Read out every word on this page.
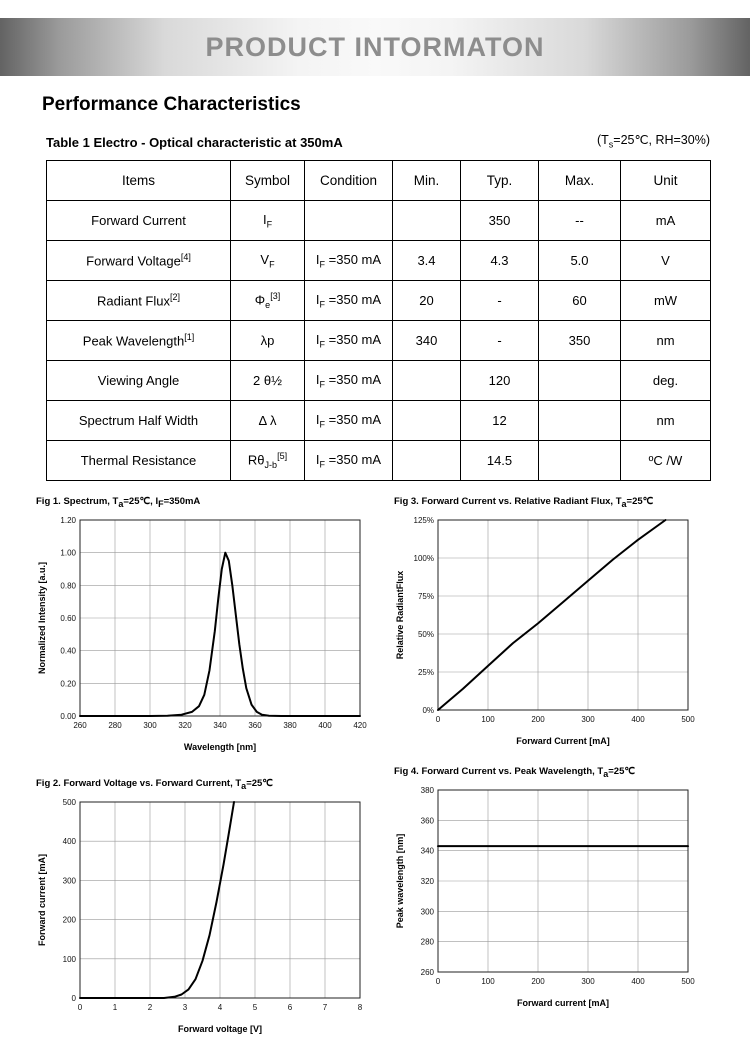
PRODUCT INTORMATON
Performance Characteristics
Table 1 Electro - Optical characteristic at 350mA	($T_s=25℃$, RH=30%)
Items	Symbol	Condition	Min.	Typ.	Max.	Unit
Forward Current	$I_F$			350	--	mA
Forward Voltage[4]	$V_F$	$I_F =350$ mA	3.4	4.3	5.0	V
Radiant Flux[2]	$\Phi_e[3]$	$I_F =350$ mA	20	-	60	mW
Peak Wavelength[1]	λp	$I_F =350$ mA	340	-	350	nm
Viewing Angle	2 θ½	$I_F =350$ mA		120		deg.
Spectrum Half Width	Δ λ	$I_F =350$ mA		12		nm
Thermal Resistance	$R\theta_{J-b}[5]$	$I_F =350$ mA		14.5		ºC /W
Fig 1. Spectrum, $T_a=25℃$, $I_F=350mA$
260	280	300	320	340	360	380	400	420
0.00
0.20
0.40
0.60
0.80
1.00
1.20
Wavelength [nm]
Normalized Intensity [a.u.]
Fig 3. Forward Current vs. Relative Radiant Flux, $T_a=25℃$
0	100	200	300	400	500
0%
25%
50%
75%
100%
125%
Forward Current [mA]
Relative RadiantFlux
Fig 2. Forward Voltage vs. Forward Current, $T_a=25℃$
0	1	2	3	4	5	6	7	8
0
100
200
300
400
500
Forward voltage [V]
Forward current [mA]
Fig 4. Forward Current vs. Peak Wavelength, $T_a=25℃$
0	100	200	300	400	500
260
280
300
320
340
360
380
Forward current [mA]
Peak wavelength [nm]
